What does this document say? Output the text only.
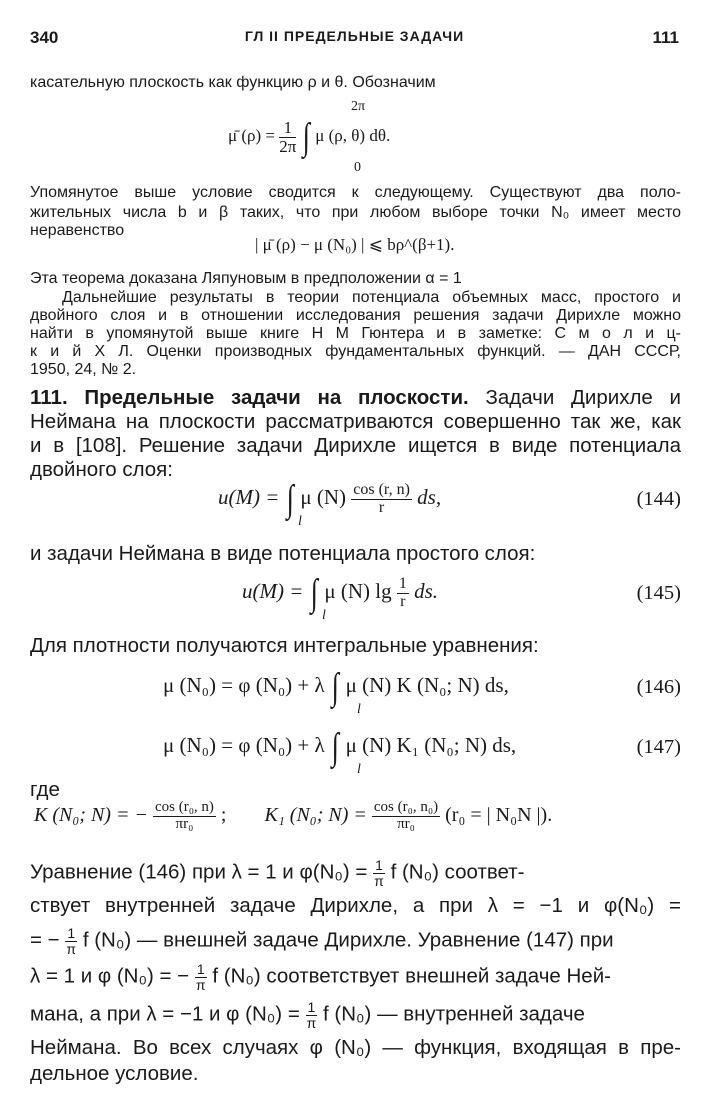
340	ГЛ II ПРЕДЕЛЬНЫЕ ЗАДАЧИ	111
касательную плоскость как функцию ρ и θ. Обозначим
2π
0
μ̄ $(\rho) = \frac{1}{2\pi}$ ∫ μ (ρ, θ) dθ.
Упомянутое выше условие сводится к следующему. Существуют два поло-
жительных числа b и β таких, что при любом выборе точки N₀ имеет место
неравенство
| μ̄ (ρ) − μ (N₀) | ⩽ bρ^(β+1).
Эта теорема доказана Ляпуновым в предположении α = 1
Дальнейшие результаты в теории потенциала объемных масс, простого и
двойного слоя и в отношении исследования решения задачи Дирихле можно
найти в упомянутой выше книге Н М Гюнтера и в заметке: С м о л и ц-
к и й Х Л. Оценки производных фундаментальных функций. — ДАН СССР,
1950, 24, № 2.
111. Предельные задачи на плоскости. Задачи Дирихле и
Неймана на плоскости рассматриваются совершенно так же, как
и в [108]. Решение задачи Дирихле ищется в виде потенциала
двойного слоя:
u(M) = ∫ μ $(N) \frac{\cos (r, n)}{r}$ ds,
l
(144)
и задачи Неймана в виде потенциала простого слоя:
u(M) = ∫ μ (N) $\lg \frac{1}{r}$ ds.
l
(145)
Для плотности получаются интегральные уравнения:
μ (N₀) = φ (N₀) + λ ∫ μ (N) K (N₀; N) ds,
l
(146)
μ (N₀) = φ (N₀) + λ ∫ μ (N) K₁ (N₀; N) ds,
l
(147)
где
K (N₀; N) = − $\frac{\text{cos (r₀, n)}}{\text{πr₀}}$ ; K₁ (N₀; $N) = \frac{\text{cos (r₀, n₀)}}{\text{πr₀}} (r_0$ = | N₀N |).
Уравнение (146) при λ = 1 и $\varphi(N_0) = \frac{1}{\pi}$ f (N₀) соответ-
ствует внутренней задаче Дирихле, а при λ = −1 и φ(N₀) =
= − $\frac{1}{\pi}$ f (N₀) — внешней задаче Дирихле. Уравнение (147) при
λ = 1 и φ (N₀) = − $\frac{1}{\pi}$ f (N₀) соответствует внешней задаче Ней-
мана, а при λ = −1 и φ $(N_0) = \frac{1}{\pi}$ f (N₀) — внутренней задаче
Неймана. Во всех случаях φ (N₀) — функция, входящая в пре-
дельное условие.
